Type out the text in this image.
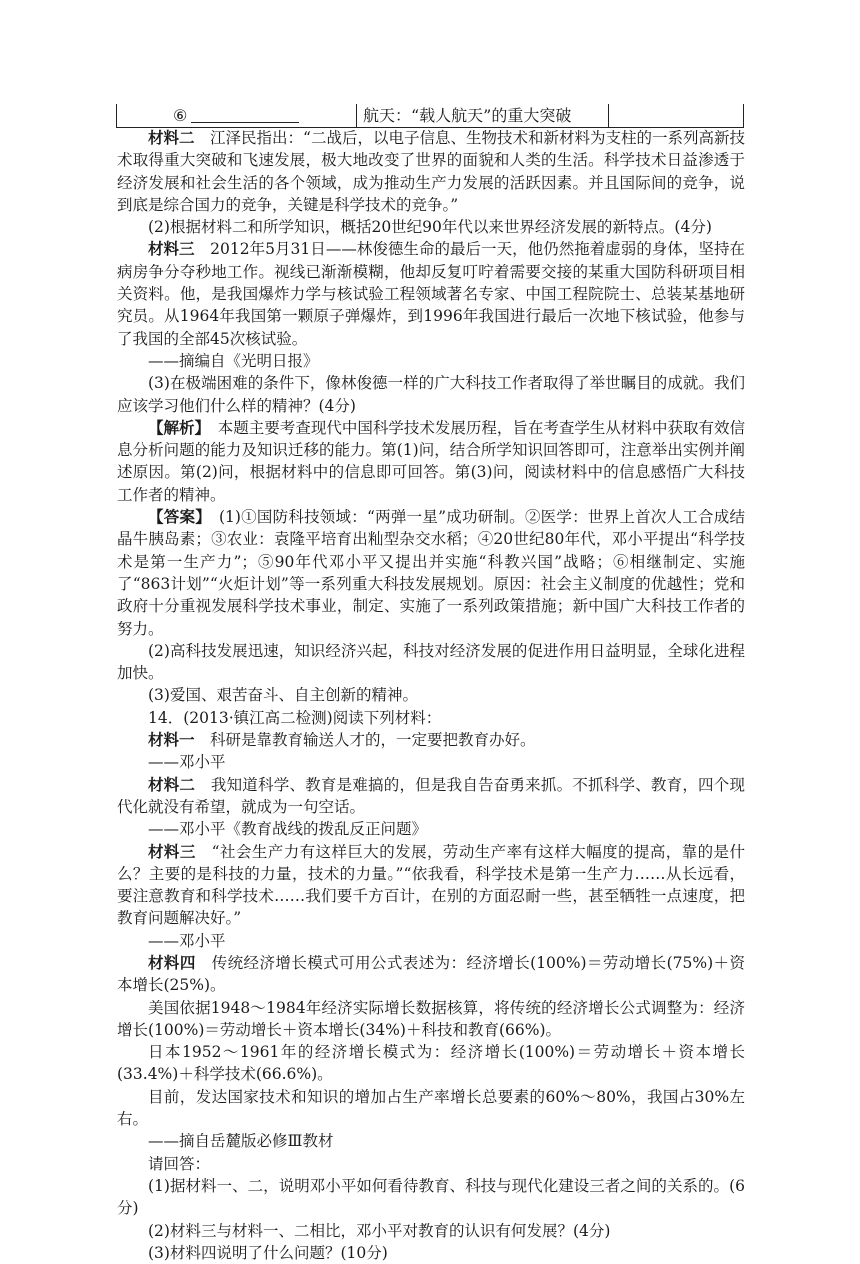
⑥	航天：“载人航天”的重大突破

材料二　江泽民指出：“二战后，以电子信息、生物技术和新材料为支柱的一系列高新技术取得重大突破和飞速发展，极大地改变了世界的面貌和人类的生活。科学技术日益渗透于经济发展和社会生活的各个领域，成为推动生产力发展的活跃因素。并且国际间的竞争，说到底是综合国力的竞争，关键是科学技术的竞争。”

(2)根据材料二和所学知识，概括20世纪90年代以来世界经济发展的新特点。(4分)

材料三　2012年5月31日——林俊德生命的最后一天，他仍然拖着虚弱的身体，坚持在病房争分夺秒地工作。视线已渐渐模糊，他却反复叮咛着需要交接的某重大国防科研项目相关资料。他，是我国爆炸力学与核试验工程领域著名专家、中国工程院院士、总装某基地研究员。从1964年我国第一颗原子弹爆炸，到1996年我国进行最后一次地下核试验，他参与了我国的全部45次核试验。

——摘编自《光明日报》

(3)在极端困难的条件下，像林俊德一样的广大科技工作者取得了举世瞩目的成就。我们应该学习他们什么样的精神？(4分)

【解析】　本题主要考查现代中国科学技术发展历程，旨在考查学生从材料中获取有效信息分析问题的能力及知识迁移的能力。第(1)问，结合所学知识回答即可，注意举出实例并阐述原因。第(2)问，根据材料中的信息即可回答。第(3)问，阅读材料中的信息感悟广大科技工作者的精神。

【答案】　(1)①国防科技领域：“两弹一星”成功研制。②医学：世界上首次人工合成结晶牛胰岛素；③农业：袁隆平培育出籼型杂交水稻；④20世纪80年代，邓小平提出“科学技术是第一生产力”；⑤90年代邓小平又提出并实施“科教兴国”战略；⑥相继制定、实施了“863计划”“火炬计划”等一系列重大科技发展规划。原因：社会主义制度的优越性；党和政府十分重视发展科学技术事业，制定、实施了一系列政策措施；新中国广大科技工作者的努力。

(2)高科技发展迅速，知识经济兴起，科技对经济发展的促进作用日益明显，全球化进程加快。

(3)爱国、艰苦奋斗、自主创新的精神。

14．(2013·镇江高二检测)阅读下列材料：

材料一　科研是靠教育输送人才的，一定要把教育办好。

——邓小平

材料二　我知道科学、教育是难搞的，但是我自告奋勇来抓。不抓科学、教育，四个现代化就没有希望，就成为一句空话。

——邓小平《教育战线的拨乱反正问题》

材料三　“社会生产力有这样巨大的发展，劳动生产率有这样大幅度的提高，靠的是什么？主要的是科技的力量，技术的力量。”“依我看，科学技术是第一生产力……从长远看，要注意教育和科学技术……我们要千方百计，在别的方面忍耐一些，甚至牺牲一点速度，把教育问题解决好。”

——邓小平

材料四　传统经济增长模式可用公式表述为：经济增长(100%)＝劳动增长(75%)＋资本增长(25%)。

美国依据1948～1984年经济实际增长数据核算，将传统的经济增长公式调整为：经济增长(100%)＝劳动增长＋资本增长(34%)＋科技和教育(66%)。

日本1952～1961年的经济增长模式为：经济增长(100%)＝劳动增长＋资本增长(33.4%)＋科学技术(66.6%)。

目前，发达国家技术和知识的增加占生产率增长总要素的60%～80%，我国占30%左右。

——摘自岳麓版必修Ⅲ教材

请回答：

(1)据材料一、二，说明邓小平如何看待教育、科技与现代化建设三者之间的关系的。(6分)

(2)材料三与材料一、二相比，邓小平对教育的认识有何发展？(4分)

(3)材料四说明了什么问题？(10分)
